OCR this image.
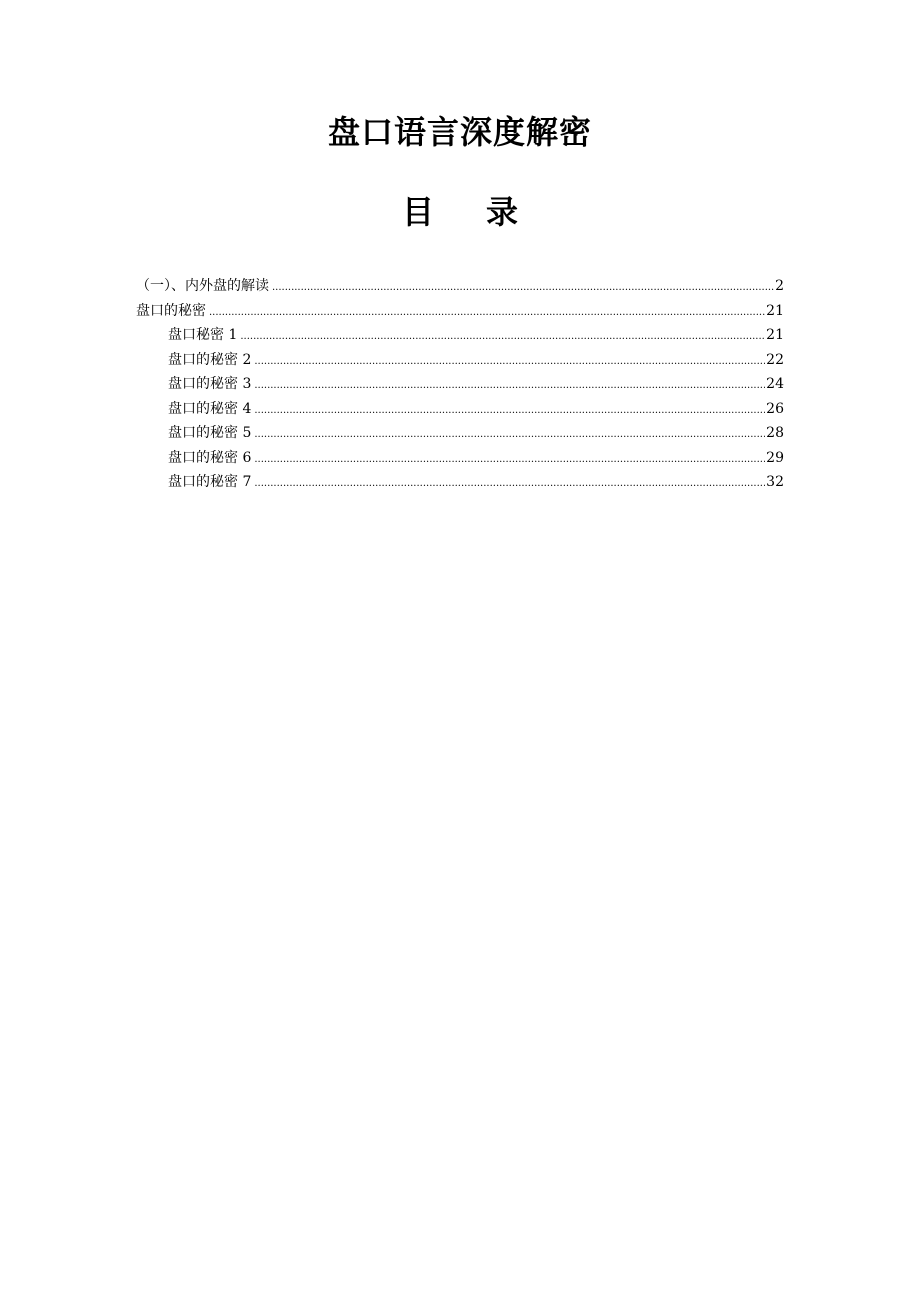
盘口语言深度解密
目 录
（一）、内外盘的解读 .....	2
盘口的秘密 .....	21
盘口秘密 1 .....	21
盘口的秘密 2 .....	22
盘口的秘密 3 .....	24
盘口的秘密 4 .....	26
盘口的秘密 5 .....	28
盘口的秘密 6 .....	29
盘口的秘密 7 .....	32
